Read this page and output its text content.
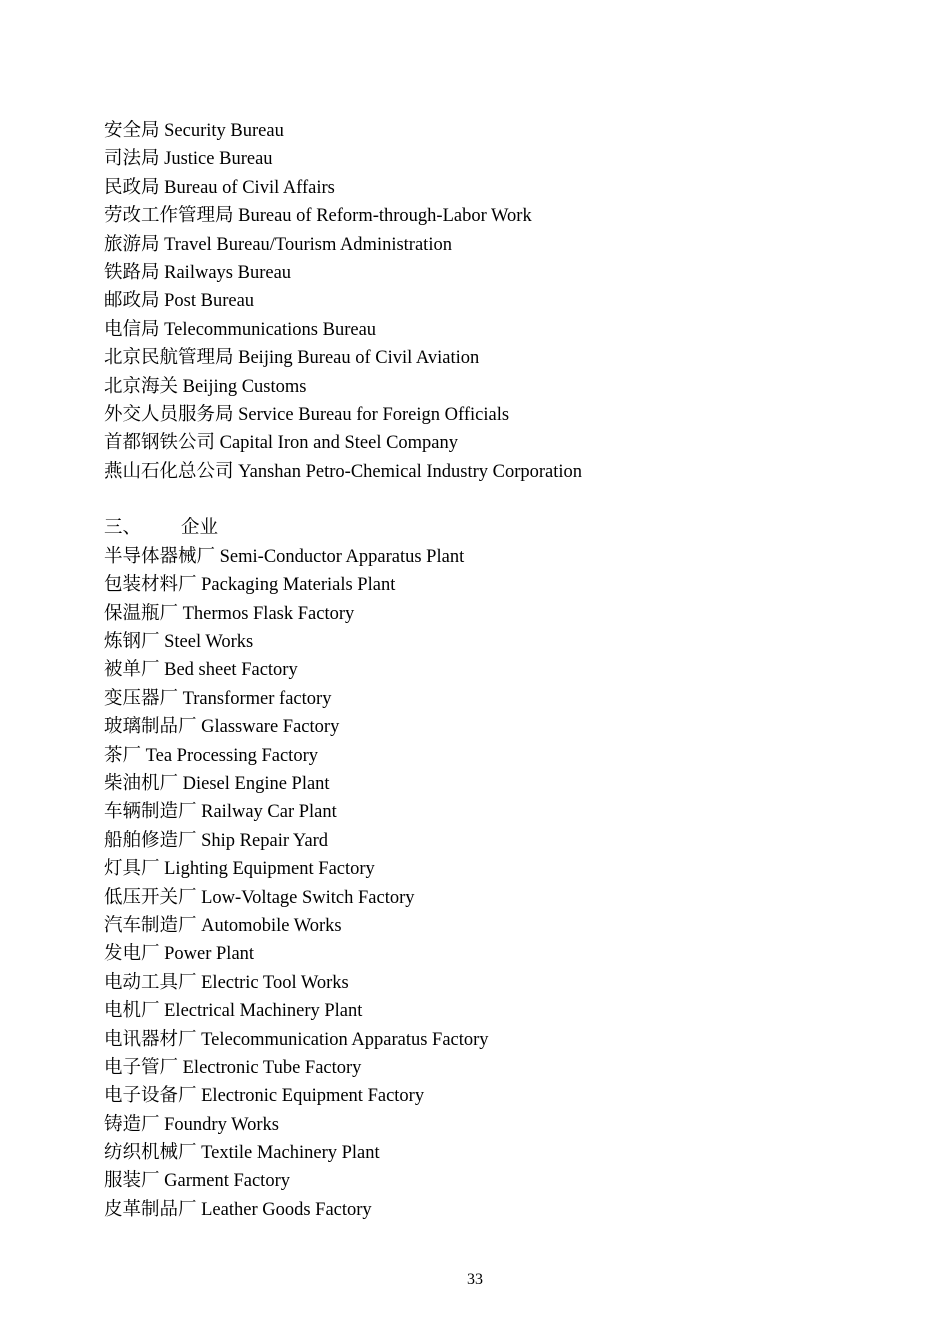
安全局 Security Bureau
司法局 Justice Bureau
民政局 Bureau of Civil Affairs
劳改工作管理局 Bureau of Reform-through-Labor Work
旅游局 Travel Bureau/Tourism Administration
铁路局 Railways Bureau
邮政局 Post Bureau
电信局 Telecommunications Bureau
北京民航管理局 Beijing Bureau of Civil Aviation
北京海关 Beijing Customs
外交人员服务局 Service Bureau for Foreign Officials
首都钢铁公司 Capital Iron and Steel Company
燕山石化总公司 Yanshan Petro-Chemical Industry Corporation
三、 企业
半导体器械厂 Semi-Conductor Apparatus Plant
包装材料厂 Packaging Materials Plant
保温瓶厂 Thermos Flask Factory
炼钢厂 Steel Works
被单厂 Bed sheet Factory
变压器厂 Transformer factory
玻璃制品厂 Glassware Factory
茶厂 Tea Processing Factory
柴油机厂 Diesel Engine Plant
车辆制造厂 Railway Car Plant
船舶修造厂 Ship Repair Yard
灯具厂 Lighting Equipment Factory
低压开关厂 Low-Voltage Switch Factory
汽车制造厂 Automobile Works
发电厂 Power Plant
电动工具厂 Electric Tool Works
电机厂 Electrical Machinery Plant
电讯器材厂 Telecommunication Apparatus Factory
电子管厂 Electronic Tube Factory
电子设备厂 Electronic Equipment Factory
铸造厂 Foundry Works
纺织机械厂 Textile Machinery Plant
服装厂 Garment Factory
皮革制品厂 Leather Goods Factory
33
